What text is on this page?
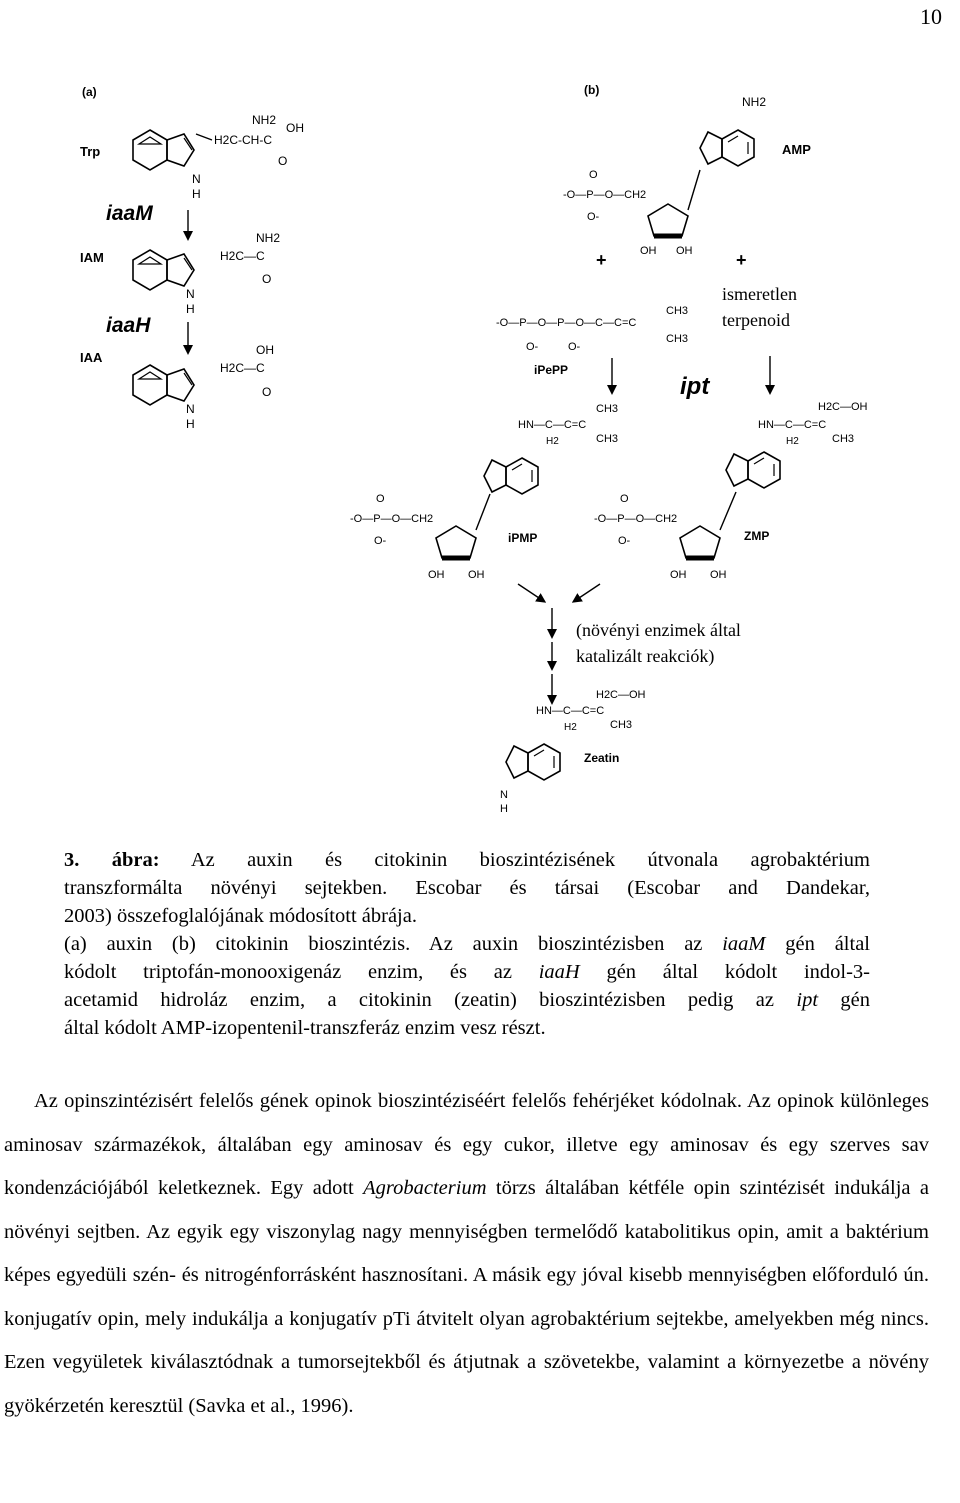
10
(a)
Trp
N
H
H2C-CH-C
NH2
OH
O
iaaM
IAM
N
H
H2C—C
NH2
O
iaaH
IAA
N
H
H2C—C
OH
O
(b)
NH2
AMP
-O—P—O—CH2
O
O-
OH OH
+	+
-O—P—O—P—O—C—C=C
CH3
CH3
O-	O-
iPePP
ismeretlen
terpenoid
ipt
HN—C—C=C
CH3
CH3
H2
-O—P—O—CH2
O
O-
OH OH
iPMP
H2C—OH
HN—C—C=C
CH3
H2
-O—P—O—CH2
O
O-
OH OH
ZMP
(növényi enzimek által
katalizált reakciók)
H2C—OH
HN—C—C=C
CH3
H2
N
H
Zeatin

3. ábra: Az auxin és citokinin bioszintézisének útvonala agrobaktérium

transzformálta növényi sejtekben. Escobar és társai (Escobar and Dandekar,

2003) összefoglalójának módosított ábrája.

(a) auxin (b) citokinin bioszintézis. Az auxin bioszintézisben az iaaM gén által

kódolt triptofán-monooxigenáz enzim, és az iaaH gén által kódolt indol-3-

acetamid hidroláz enzim, a citokinin (zeatin) bioszintézisben pedig az ipt gén

által kódolt AMP-izopentenil-transzferáz enzim vesz részt.

Az opinszintézisért felelős gének opinok bioszintéziséért felelős fehérjéket kódolnak. Az opinok különleges aminosav származékok, általában egy aminosav és egy cukor, illetve egy aminosav és egy szerves sav kondenzációjából keletkeznek. Egy adott Agrobacterium törzs általában kétféle opin szintézisét indukálja a növényi sejtben. Az egyik egy viszonylag nagy mennyiségben termelődő katabolitikus opin, amit a baktérium képes egyedüli szén- és nitrogénforrásként hasznosítani. A másik egy jóval kisebb mennyiségben előforduló ún. konjugatív opin, mely indukálja a konjugatív pTi átvitelt olyan agrobaktérium sejtekbe, amelyekben még nincs. Ezen vegyületek kiválasztódnak a tumorsejtekből és átjutnak a szövetekbe, valamint a környezetbe a növény gyökérzetén keresztül (Savka et al., 1996).
